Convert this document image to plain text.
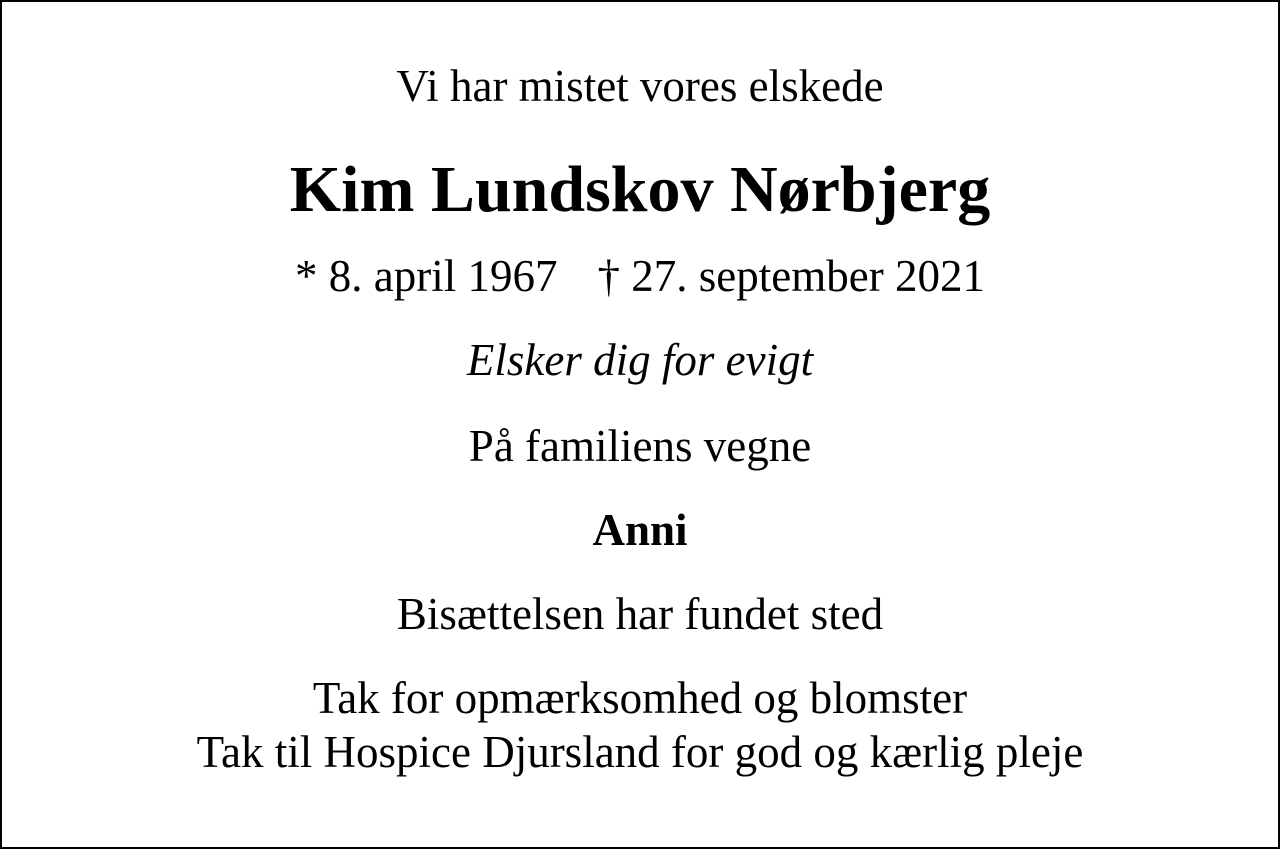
Vi har mistet vores elskede
Kim Lundskov Nørbjerg
* 8. april 1967 † 27. september 2021
Elsker dig for evigt
På familiens vegne
Anni
Bisættelsen har fundet sted
Tak for opmærksomhed og blomster
Tak til Hospice Djursland for god og kærlig pleje
